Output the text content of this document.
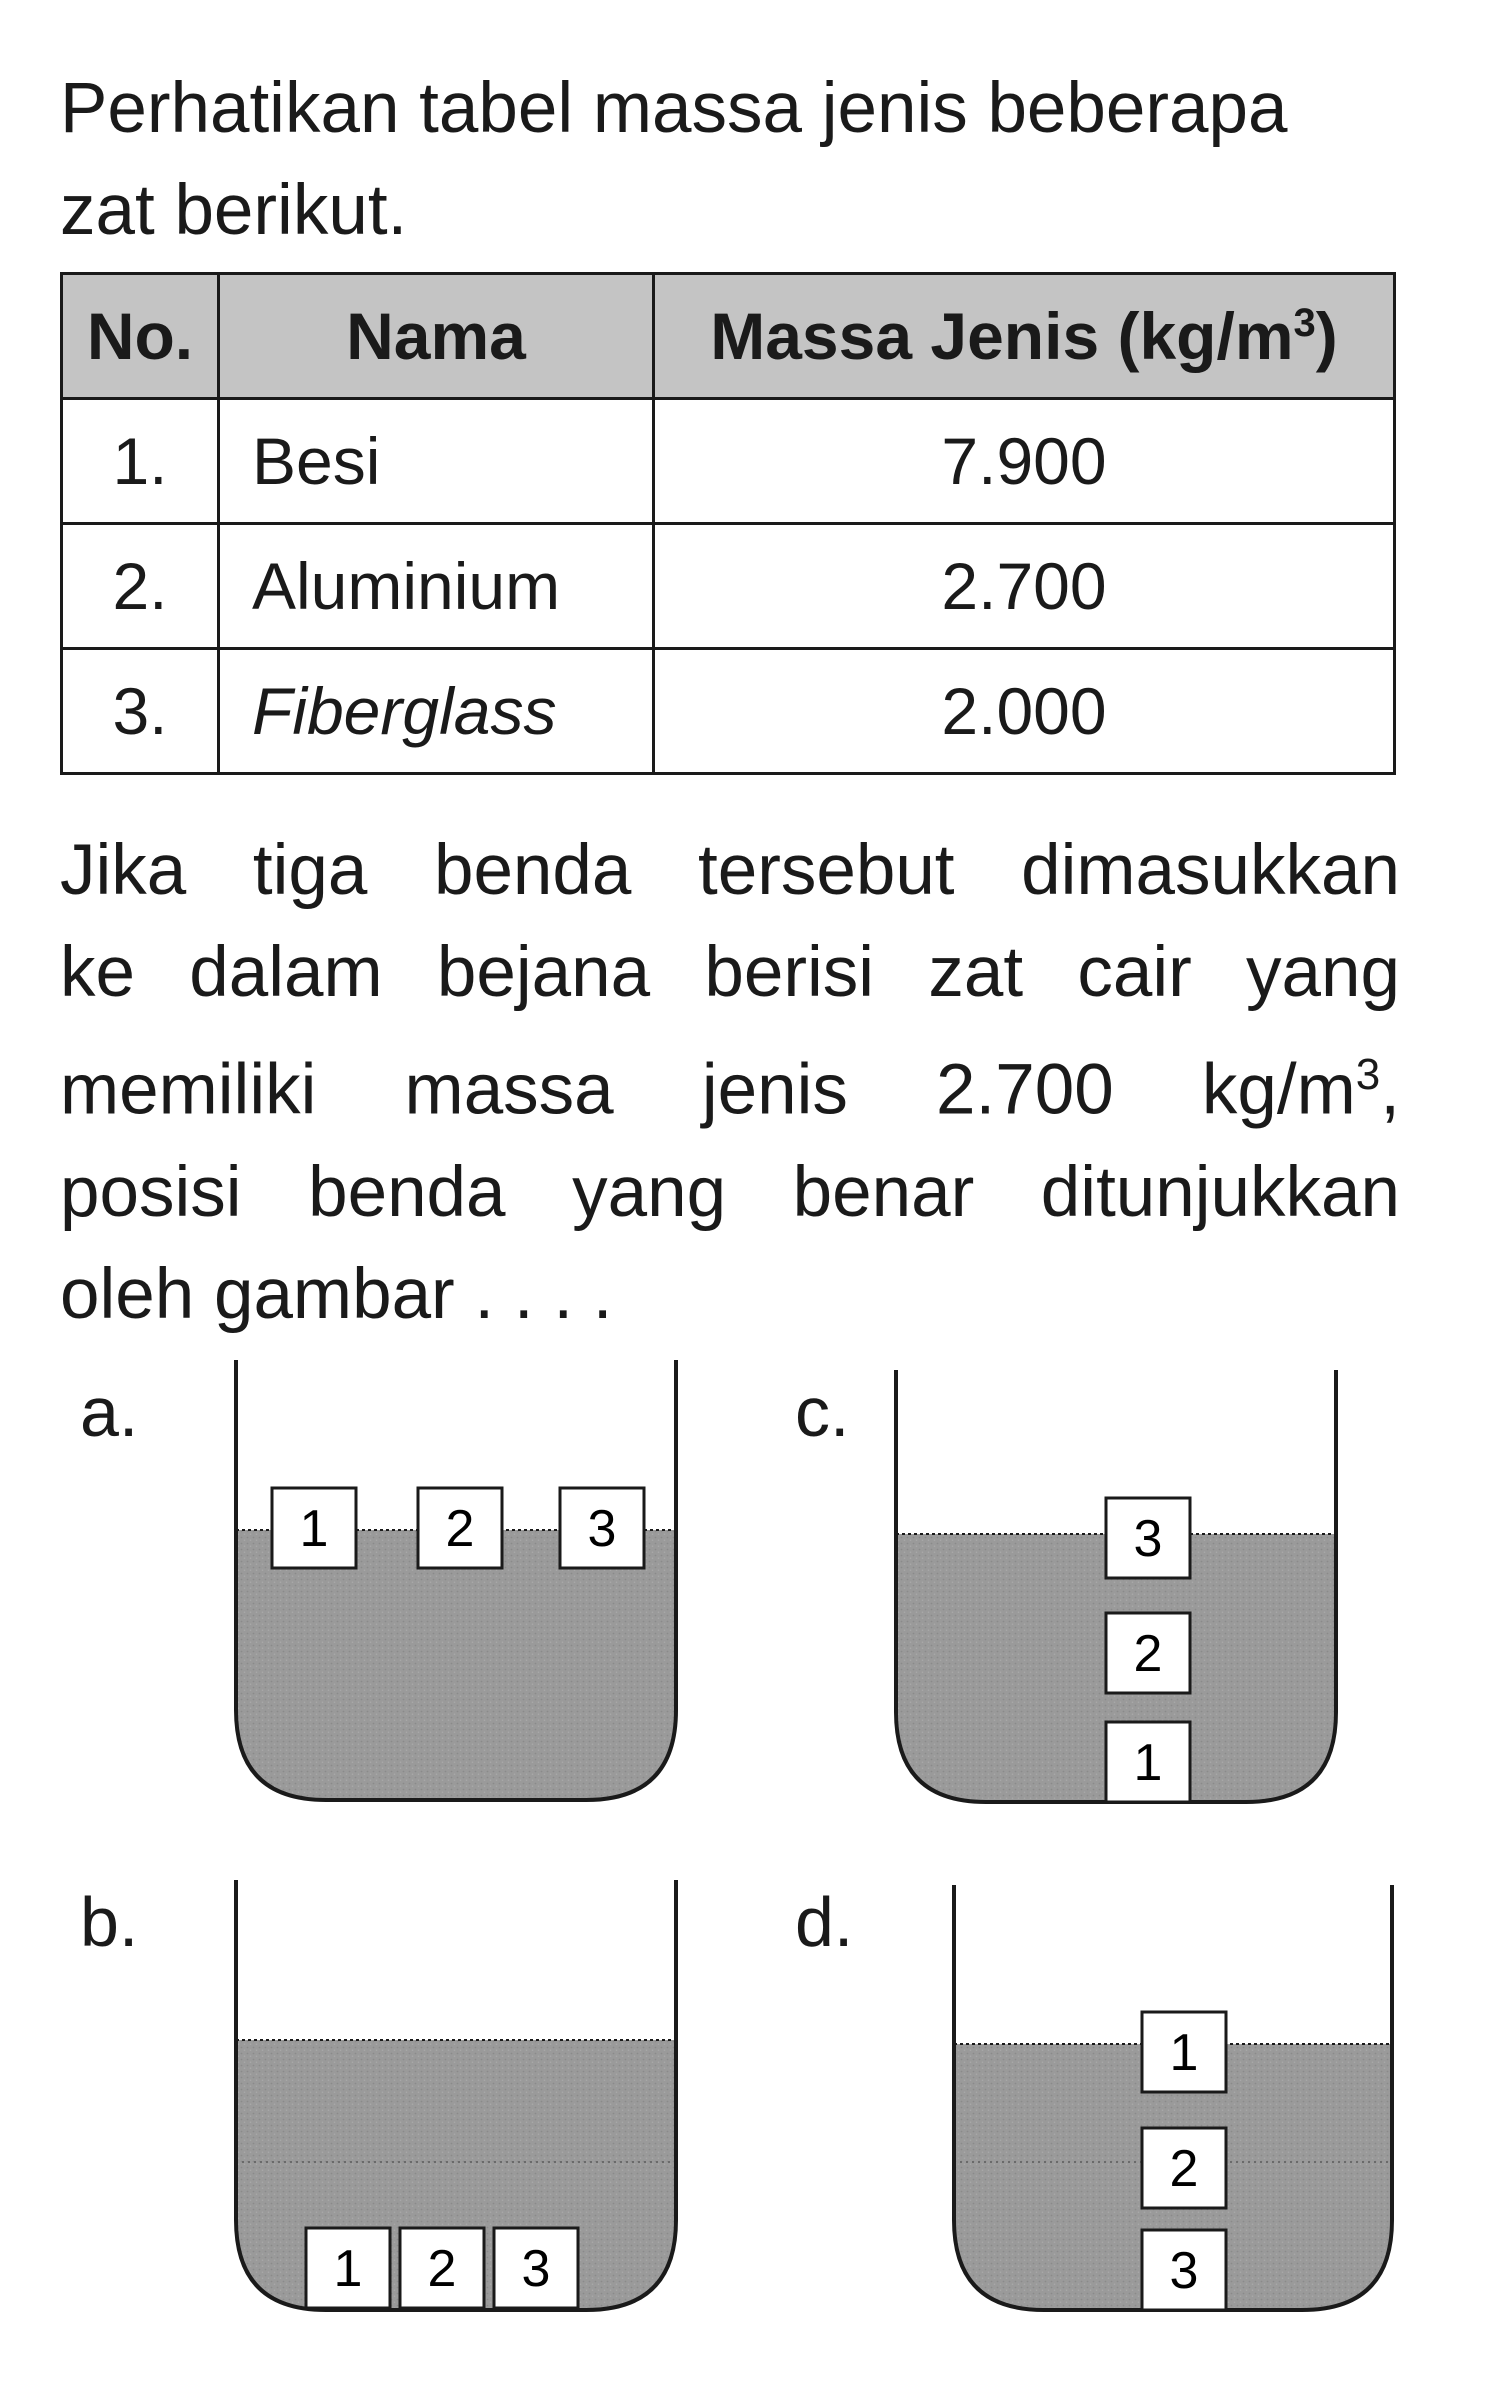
Perhatikan tabel massa jenis beberapa
zat berikut.

No.	Nama	Massa Jenis $(kg/m^3)$
1.	Besi	7.900
2.	Aluminium	2.700
3.	Fiberglass	2.000
Jika tiga benda tersebut dimasukkan
ke dalam bejana berisi zat cair yang
memiliki massa jenis 2.700 $kg/m^3$,
posisi benda yang benar ditunjukkan
oleh gambar . . . .
a.	c.
b.	d.
1 2 3	3
2
1
1 2 3
1
2
3
